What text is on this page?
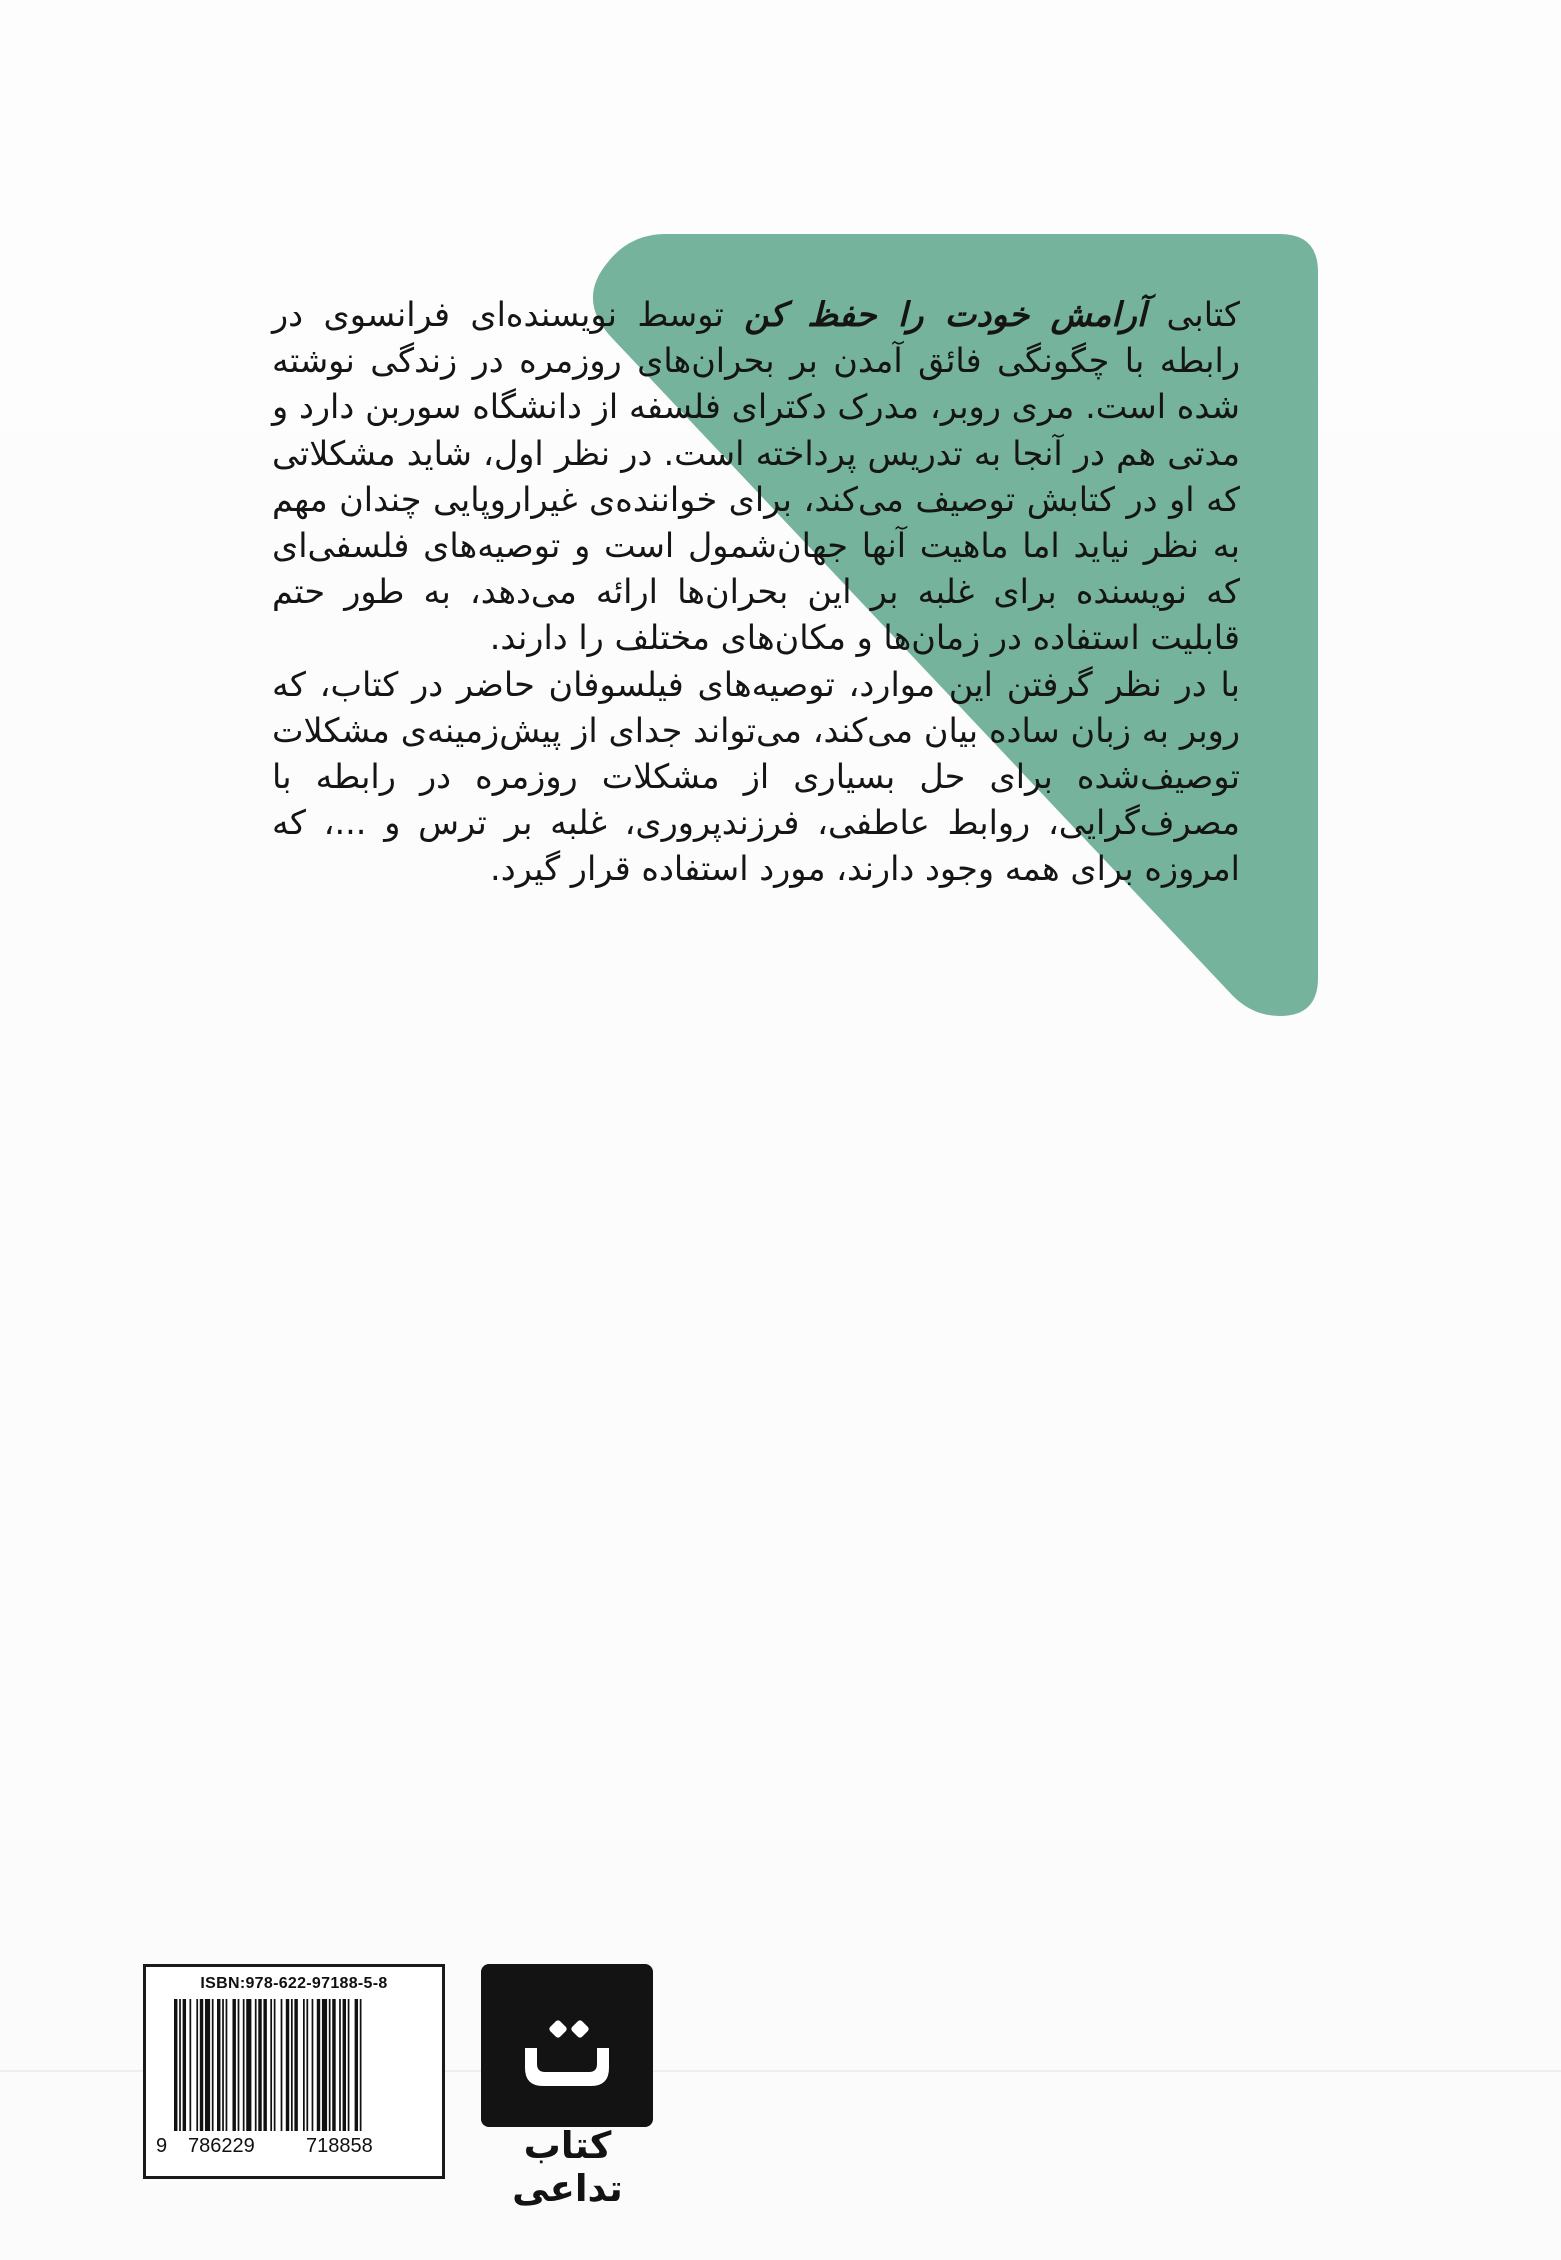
کتابی آرامش خودت را حفظ کن توسط نویسنده‌ای فرانسوی در رابطه با چگونگی فائق آمدن بر بحران‌های روزمره در زندگی نوشته شده است. مری روبر، مدرک دکترای فلسفه از دانشگاه سوربن دارد و مدتی هم در آنجا به تدریس پرداخته است. در نظر اول، شاید مشکلاتی که او در کتابش توصیف می‌کند، برای خواننده‌ی غیراروپایی چندان مهم به نظر نیاید اما ماهیت آنها جهان‌شمول است و توصیه‌های فلسفی‌ای که نویسنده برای غلبه بر این بحران‌ها ارائه می‌دهد، به طور حتم قابلیت استفاده در زمان‌ها و مکان‌های مختلف را دارند.

با در نظر گرفتن این موارد، توصیه‌های فیلسوفان حاضر در کتاب، که روبر به زبان ساده بیان می‌کند، می‌تواند جدای از پیش‌زمینه‌ی مشکلات توصیف‌شده برای حل بسیاری از مشکلات روزمره در رابطه با مصرف‌گرایی، روابط عاطفی، فرزندپروری، غلبه بر ترس و ...، که امروزه برای همه وجود دارند، مورد استفاده قرار گیرد.

ISBN:978-622-97188-5-8
9 786229	718858	کتاب تداعی
